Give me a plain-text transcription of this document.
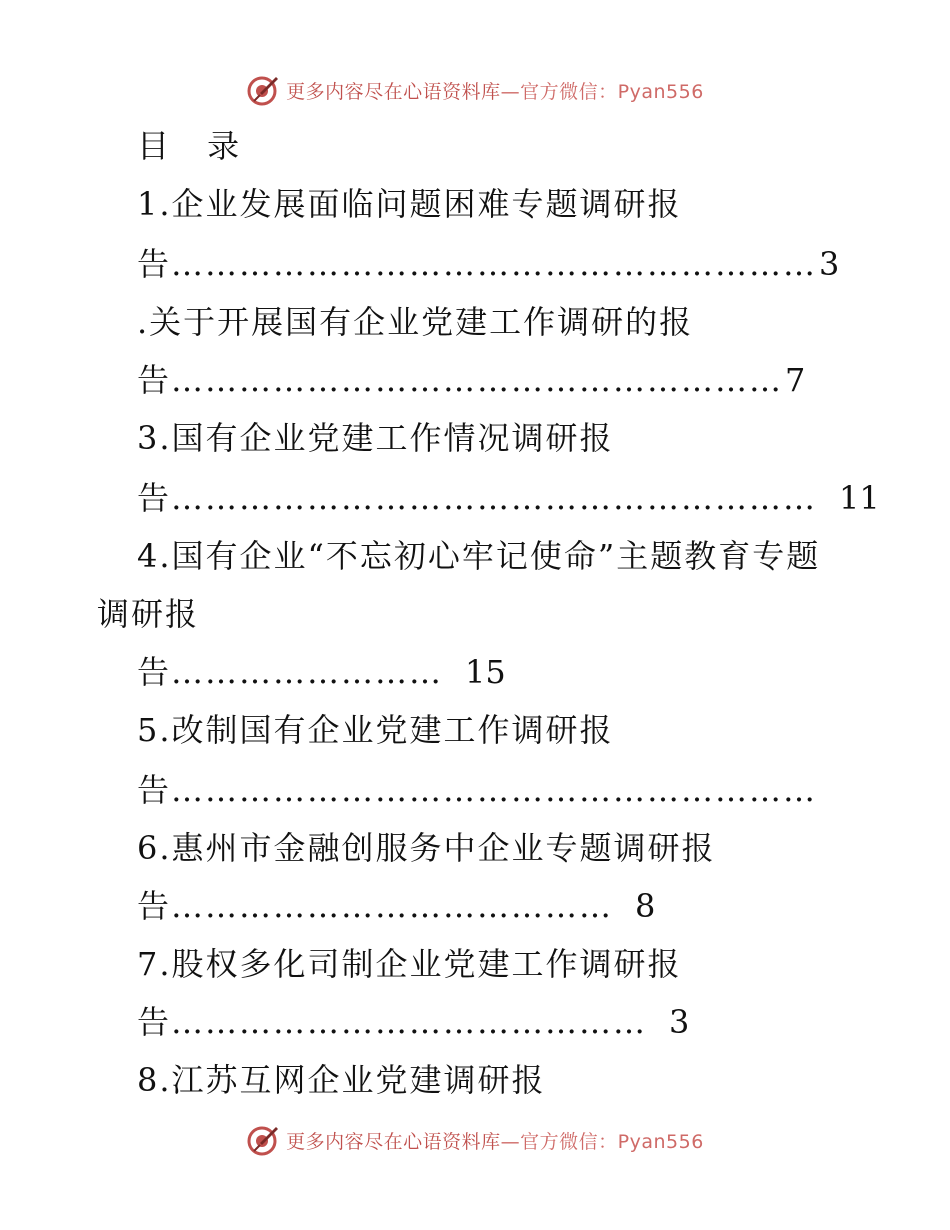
更多内容尽在心语资料库—官方微信：Pyan556
目 录
1.企业发展面临问题困难专题调研报
告…………………………………………………3
.关于开展国有企业党建工作调研的报
告………………………………………………7
3.国有企业党建工作情况调研报
告………………………………………………… 11
4.国有企业“不忘初心牢记使命”主题教育专题
调研报
告…………………… 15
5.改制国有企业党建工作调研报
告…………………………………………………
6.惠州市金融创服务中企业专题调研报
告………………………………… 8
7.股权多化司制企业党建工作调研报
告…………………………………… 3
8.江苏互网企业党建调研报
更多内容尽在心语资料库—官方微信：Pyan556
